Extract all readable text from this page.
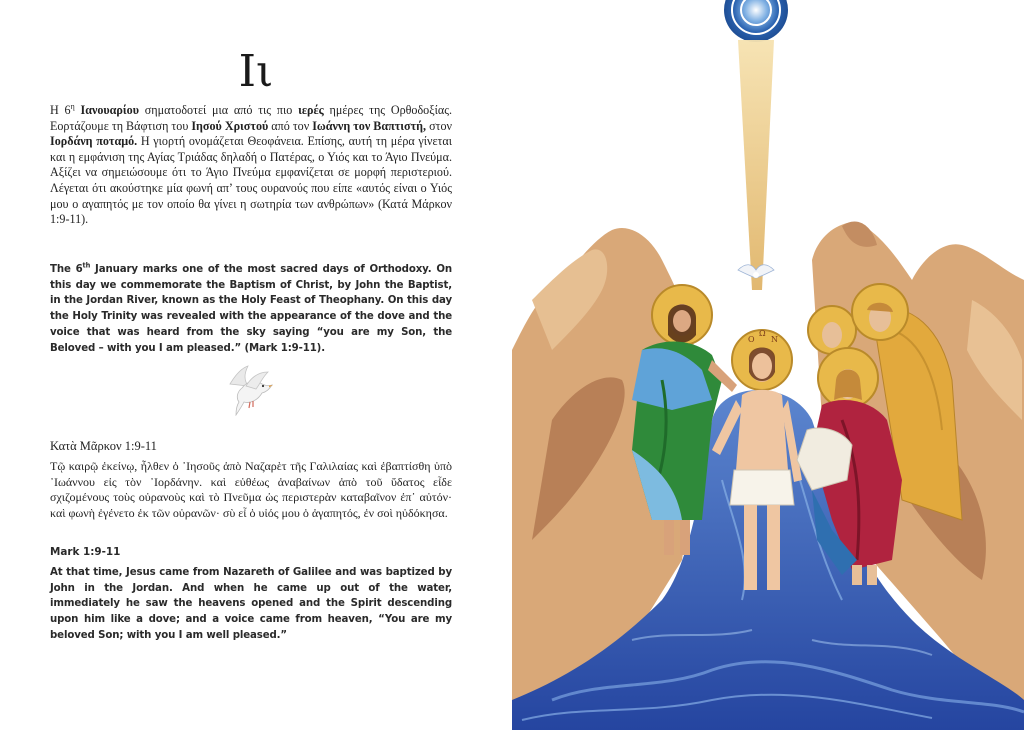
Ιι

Η $6^\eta$ Ιανουαρίου σηματοδοτεί μια από τις πιο ιερές ημέρες της Ορθοδοξίας. Εορτάζουμε τη Βάφτιση του Ιησού Χριστού από τον Ιωάννη τον Βαπτιστή, στον Ιορδάνη ποταμό. Η γιορτή ονομάζεται Θεοφάνεια. Επίσης, αυτή τη μέρα γίνεται και η εμφάνιση της Αγίας Τριάδας δηλαδή ο Πατέρας, ο Υιός και το Άγιο Πνεύμα. Αξίζει να σημειώσουμε ότι το Άγιο Πνεύμα εμφανίζεται σε μορφή περιστεριού. Λέγεται ότι ακούστηκε μία φωνή απ’ τους ουρανούς που είπε «αυτός είναι ο Υιός μου ο αγαπητός με τον οποίο θα γίνει η σωτηρία των ανθρώπων» (Κατά Μάρκον 1:9-11).

The 6th January marks one of the most sacred days of Orthodoxy. On this day we commemorate the Baptism of Christ, by John the Baptist, in the Jordan River, known as the Holy Feast of Theophany. On this day the Holy Trinity was revealed with the appearance of the dove and the voice that was heard from the sky saying “you are my Son, the Beloved – with you I am pleased.” (Mark 1:9-11).

Κατὰ Μᾶρκον 1:9-11

Τῷ καιρῷ ἐκείνῳ, ἦλθεν ὁ ᾿Ιησοῦς ἀπὸ Ναζαρὲτ τῆς Γαλιλαίας καὶ ἐβαπτίσθη ὑπὸ ᾿Ιωάννου εἰς τὸν ᾿Ιορδάνην. καὶ εὐθέως ἀναβαίνων ἀπὸ τοῦ ὕδατος εἶδε σχιζομένους τοὺς οὐρανοὺς καὶ τὸ Πνεῦμα ὡς περιστερὰν καταβαῖνον ἐπ᾿ αὐτόν· καὶ φωνὴ ἐγένετο ἐκ τῶν οὐρανῶν· σὺ εἶ ὁ υἱός μου ὁ ἀγαπητός, ἐν σοὶ ηὐδόκησα.

Mark 1:9-11

At that time, Jesus came from Nazareth of Galilee and was baptized by John in the Jordan. And when he came up out of the water, immediately he saw the heavens opened and the Spirit descending upon him like a dove; and a voice came from heaven, “You are my beloved Son; with you I am well pleased.”

Ο
Ω
Ν
